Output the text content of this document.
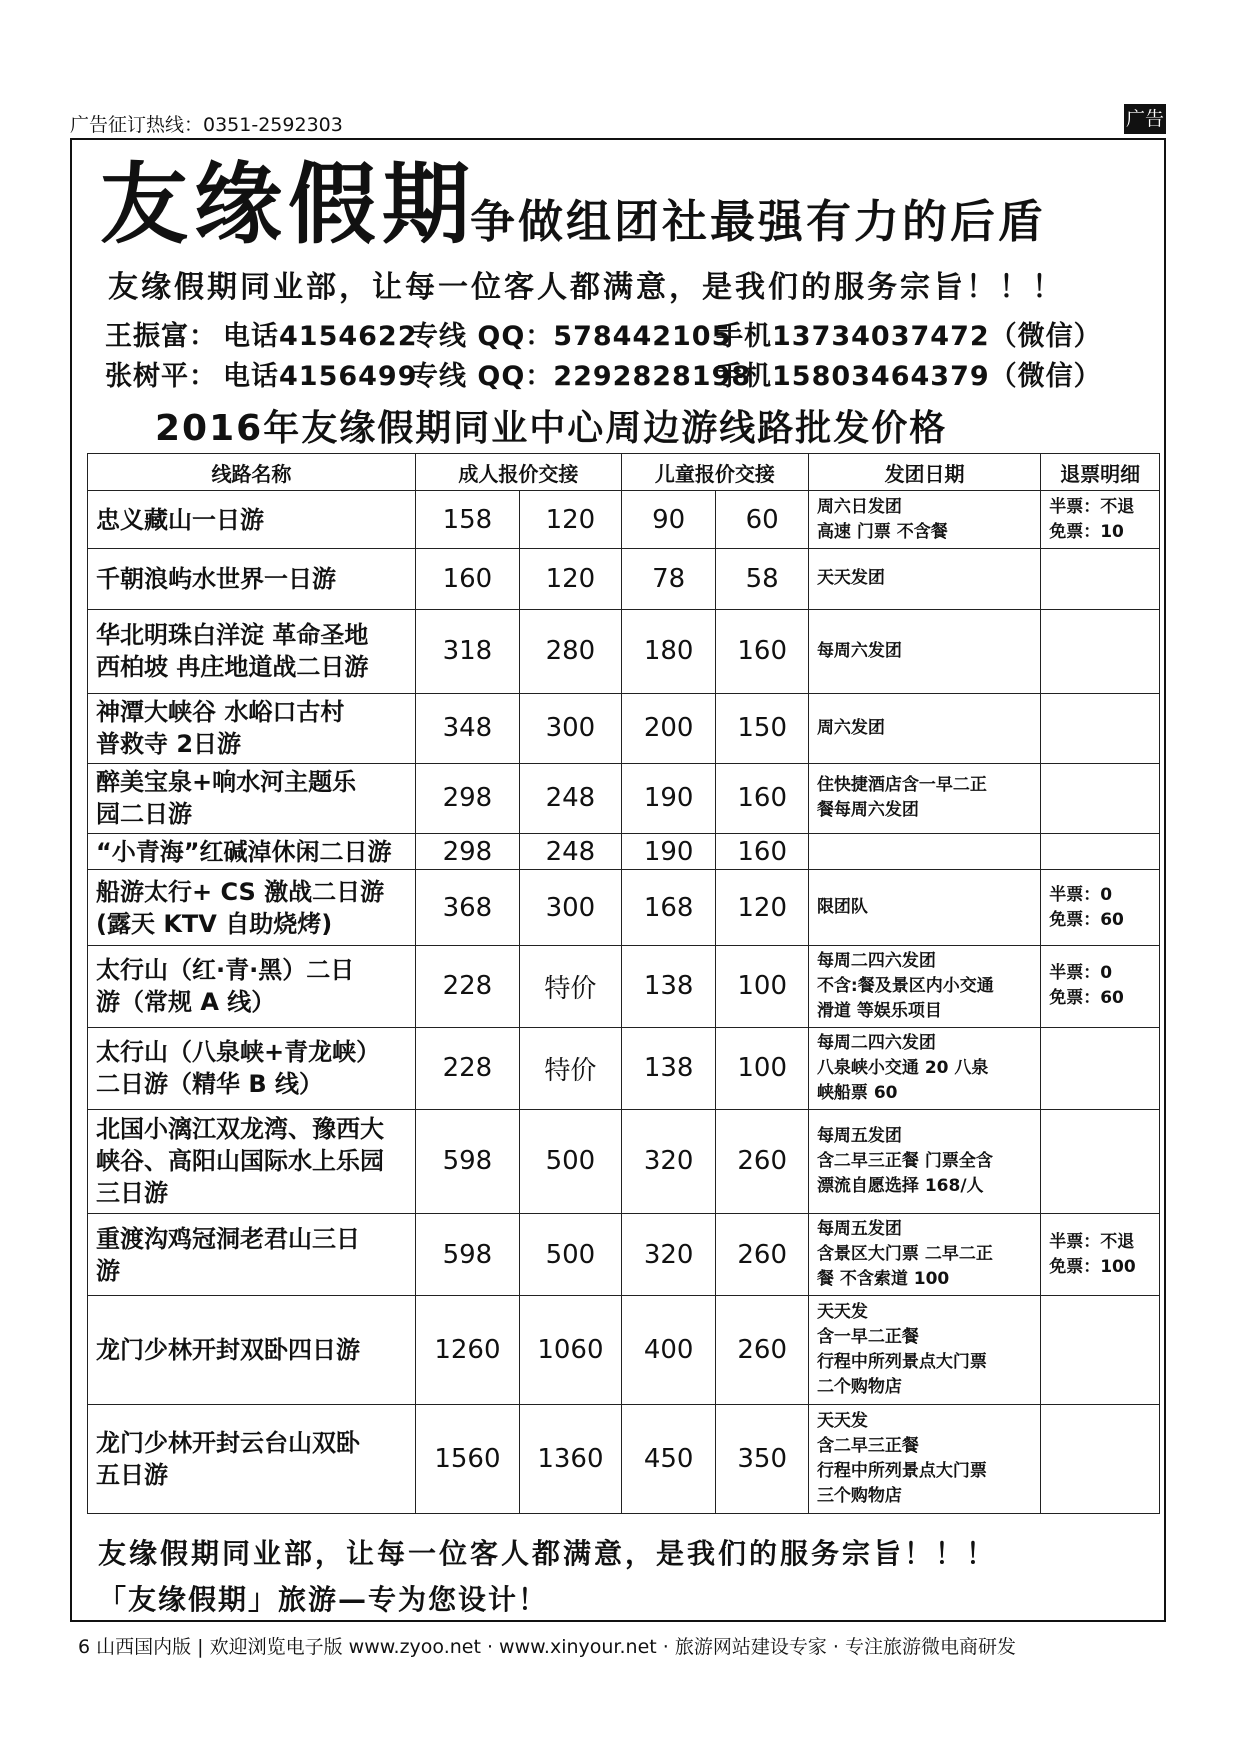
广告征订热线：0351-2592303	广告
友缘假期
争做组团社最强有力的后盾
友缘假期同业部，让每一位客人都满意，是我们的服务宗旨！！！
王振富： 电话4154622专线 QQ：578442105手机13734037472（微信）
张树平： 电话4156499专线 QQ：2292828198手机15803464379（微信）
2016年友缘假期同业中心周边游线路批发价格
线路名称	成人报价交接		儿童报价交接		发团日期	退票明细
忠义藏山一日游	158	120	90	60	周六日发团
高速 门票 不含餐	半票：不退
免票：10
千朝浪屿水世界一日游	160	120	78	58	天天发团	
华北明珠白洋淀 革命圣地
西柏坡 冉庄地道战二日游	318	280	180	160	每周六发团	
神潭大峡谷 水峪口古村
普救寺 2日游	348	300	200	150	周六发团	
醉美宝泉+响水河主题乐
园二日游	298	248	190	160	住快捷酒店含一早二正
餐每周六发团	
“小青海”红碱淖休闲二日游	298	248	190	160		
船游太行+ CS 激战二日游
(露天 KTV 自助烧烤)	368	300	168	120	限团队	半票：0
免票：60
太行山（红·青·黑）二日
游（常规 A 线）	228	特价	138	100	每周二四六发团
不含:餐及景区内小交通
滑道 等娱乐项目	半票：0
免票：60
太行山（八泉峡+青龙峡）
二日游（精华 B 线）	228	特价	138	100	每周二四六发团
八泉峡小交通 20 八泉
峡船票 60	
北国小漓江双龙湾、豫西大
峡谷、高阳山国际水上乐园
三日游	598	500	320	260	每周五发团
含二早三正餐 门票全含
漂流自愿选择 168/人	
重渡沟鸡冠洞老君山三日
游	598	500	320	260	每周五发团
含景区大门票 二早二正
餐 不含索道 100	半票：不退
免票：100
龙门少林开封双卧四日游	1260	1060	400	260	天天发
含一早二正餐
行程中所列景点大门票
二个购物店	
龙门少林开封云台山双卧
五日游	1560	1360	450	350	天天发
含二早三正餐
行程中所列景点大门票
三个购物店	
友缘假期同业部，让每一位客人都满意，是我们的服务宗旨！！！
「友缘假期」旅游—专为您设计！
6 山西国内版 | 欢迎浏览电子版 www.zyoo.net · www.xinyour.net · 旅游网站建设专家 · 专注旅游微电商研发
